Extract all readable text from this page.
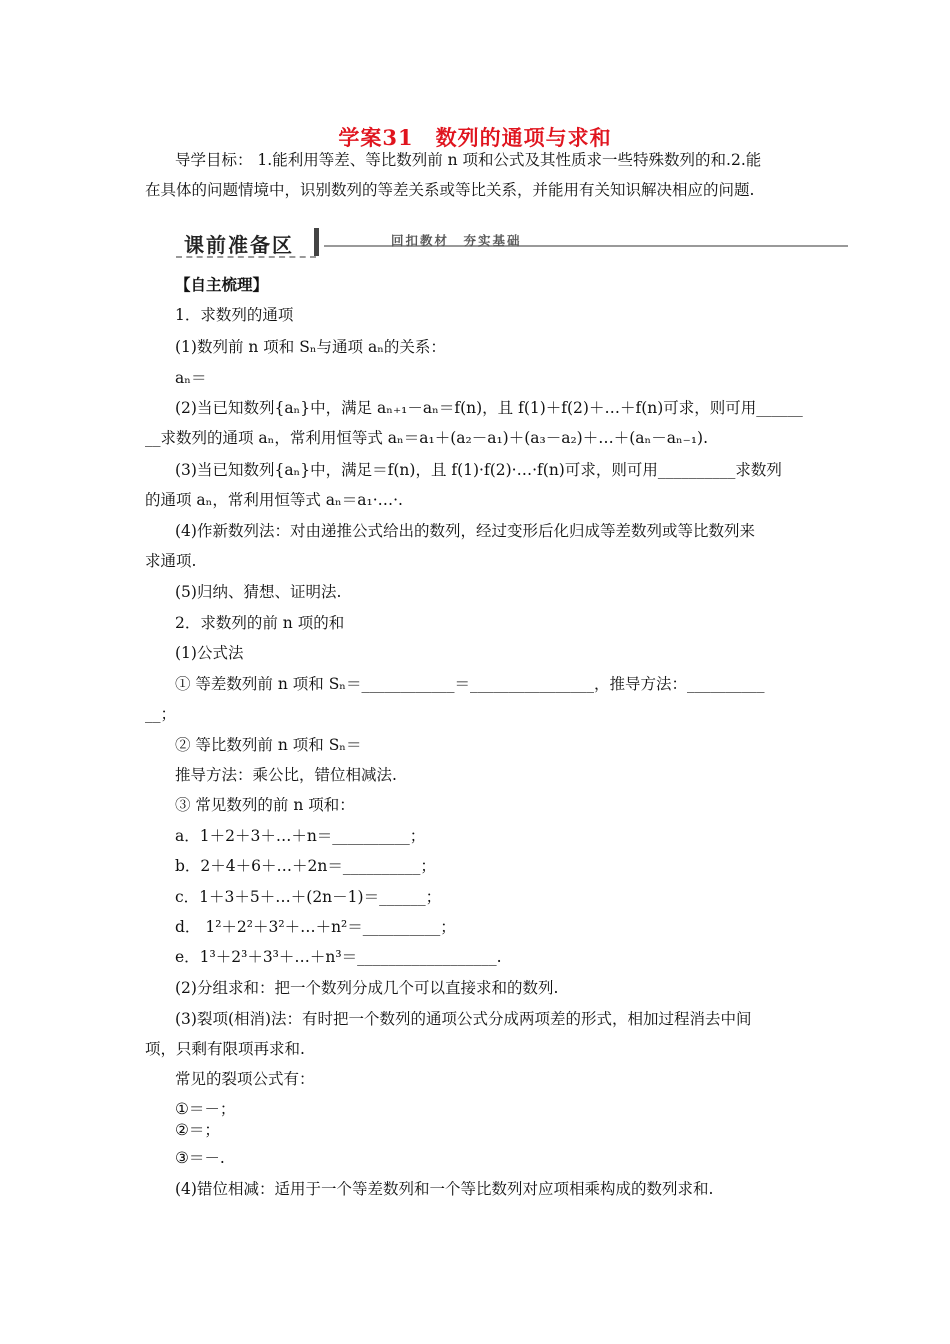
学案31　数列的通项与求和
导学目标： 1.能利用等差、等比数列前 n 项和公式及其性质求一些特殊数列的和.2.能
在具体的问题情境中，识别数列的等差关系或等比关系，并能用有关知识解决相应的问题.
课前准备区	回扣教材　夯实基础
【自主梳理】
1．求数列的通项
(1)数列前 n 项和 Sₙ与通项 aₙ的关系：
aₙ＝
(2)当已知数列{aₙ}中，满足 aₙ₊₁－aₙ＝f(n)，且 f(1)＋f(2)＋…＋f(n)可求，则可用______
__求数列的通项 aₙ，常利用恒等式 aₙ＝a₁＋(a₂－a₁)＋(a₃－a₂)＋…＋(aₙ－aₙ₋₁).
(3)当已知数列{aₙ}中，满足＝f(n)，且 f(1)·f(2)·…·f(n)可求，则可用__________求数列
的通项 aₙ，常利用恒等式 aₙ＝a₁·…·.
(4)作新数列法：对由递推公式给出的数列，经过变形后化归成等差数列或等比数列来
求通项.
(5)归纳、猜想、证明法.
2．求数列的前 n 项的和
(1)公式法
① 等差数列前 n 项和 Sₙ＝____________＝________________，推导方法：__________
__；
② 等比数列前 n 项和 Sₙ＝
推导方法：乘公比，错位相减法.
③ 常见数列的前 n 项和：
a．1＋2＋3＋…＋n＝__________；
b．2＋4＋6＋…＋2n＝__________；
c．1＋3＋5＋…＋(2n－1)＝______；
d． 1²＋2²＋3²＋…＋n²＝__________；
e．1³＋2³＋3³＋…＋n³＝__________________.
(2)分组求和：把一个数列分成几个可以直接求和的数列.
(3)裂项(相消)法：有时把一个数列的通项公式分成两项差的形式，相加过程消去中间
项，只剩有限项再求和.
常见的裂项公式有：
①＝－；
②＝；
③＝－.
(4)错位相减：适用于一个等差数列和一个等比数列对应项相乘构成的数列求和.
